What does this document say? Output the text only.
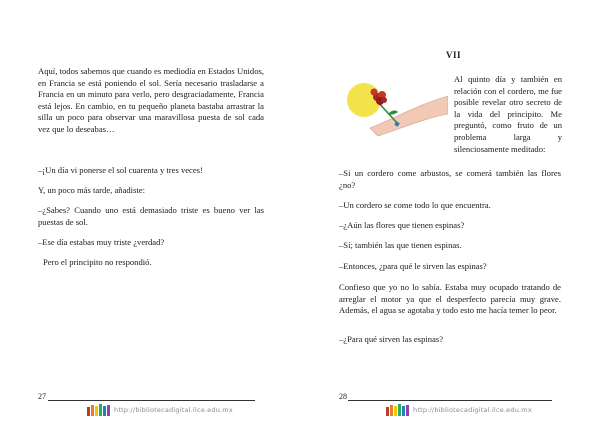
Aquí, todos sabemos que cuando es mediodía en Estados Unidos, en Francia se está poniendo el sol. Sería necesario trasladarse a Francia en un minuto para verlo, pero desgraciadamente, Francia está lejos. En cambio, en tu pequeño planeta bastaba arrastrar la silla un poco para observar una maravillosa puesta de sol cada vez que lo deseabas…

–¡Un día vi ponerse el sol cuarenta y tres veces!

Y, un poco más tarde, añadiste:

–¿Sabes? Cuando uno está demasiado triste es bueno ver las puestas de sol.

–Ese día estabas muy triste ¿verdad?

Pero el principito no respondió.

27
http://bibliotecadigital.ilce.edu.mx
VII

Al quinto día y también en relación con el cordero, me fue posible revelar otro secreto de la vida del principito. Me preguntó, como fruto de un problema larga y silenciosamente meditado:

–Si un cordero come arbustos, se comerá también las flores ¿no?

–Un cordero se come todo lo que encuentra.

–¿Aún las flores que tienen espinas?

–Sí; también las que tienen espinas.

–Entonces, ¿para qué le sirven las espinas?

Confieso que yo no lo sabía. Estaba muy ocupado tratando de arreglar el motor ya que el desperfecto parecía muy grave. Además, el agua se agotaba y todo esto me hacía temer lo peor.

–¿Para qué sirven las espinas?

28
http://bibliotecadigital.ilce.edu.mx
